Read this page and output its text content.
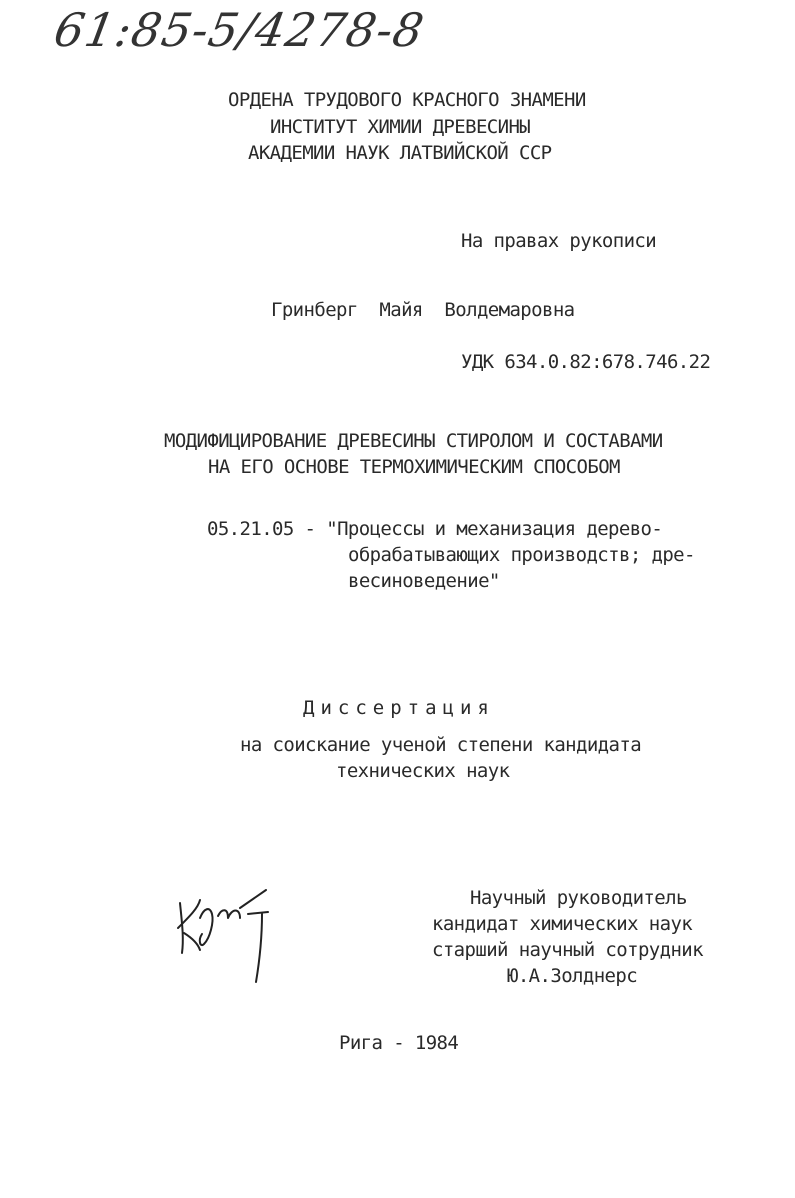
61:85-5/4278-8
ОРДЕНА ТРУДОВОГО КРАСНОГО ЗНАМЕНИ
ИНСТИТУТ ХИМИИ ДРЕВЕСИНЫ
АКАДЕМИИ НАУК ЛАТВИЙСКОЙ ССР
На правах рукописи
Гринберг  Майя  Волдемаровна
УДК 634.0.82:678.746.22
МОДИФИЦИРОВАНИЕ ДРЕВЕСИНЫ СТИРОЛОМ И СОСТАВАМИ
НА ЕГО ОСНОВЕ ТЕРМОХИМИЧЕСКИМ СПОСОБОМ
05.21.05 - "Процессы и механизация дерево-
обрабатывающих производств; дре-
весиноведение"
Диссертация
на соискание ученой степени кандидата
технических наук
Научный руководитель
кандидат химических наук
старший научный сотрудник
Ю.А.Золднерс
Рига - 1984
